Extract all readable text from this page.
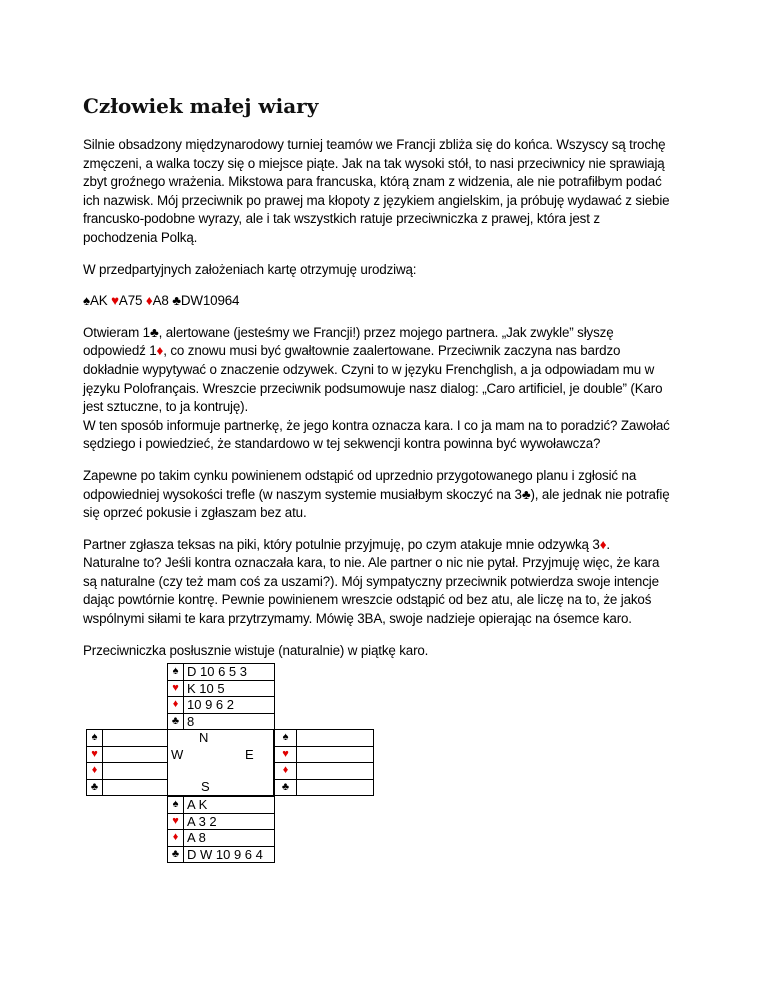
Człowiek małej wiary
Silnie obsadzony międzynarodowy turniej teamów we Francji zbliża się do końca. Wszyscy są trochę
zmęczeni, a walka toczy się o miejsce piąte. Jak na tak wysoki stół, to nasi przeciwnicy nie sprawiają
zbyt groźnego wrażenia. Mikstowa para francuska, którą znam z widzenia, ale nie potrafiłbym podać
ich nazwisk. Mój przeciwnik po prawej ma kłopoty z językiem angielskim, ja próbuję wydawać z siebie
francusko-podobne wyrazy, ale i tak wszystkich ratuje przeciwniczka z prawej, która jest z
pochodzenia Polką.
W przedpartyjnych założeniach kartę otrzymuję urodziwą:
♠AK ♥A75 ♦A8 ♣DW10964
Otwieram 1♣, alertowane (jesteśmy we Francji!) przez mojego partnera. „Jak zwykle” słyszę
odpowiedź 1♦, co znowu musi być gwałtownie zaalertowane. Przeciwnik zaczyna nas bardzo
dokładnie wypytywać o znaczenie odzywek. Czyni to w języku Frenchglish, a ja odpowiadam mu w
języku Polofrançais. Wreszcie przeciwnik podsumowuje nasz dialog: „Caro artificiel, je double” (Karo
jest sztuczne, to ja kontruję).
W ten sposób informuje partnerkę, że jego kontra oznacza kara. I co ja mam na to poradzić? Zawołać
sędziego i powiedzieć, że standardowo w tej sekwencji kontra powinna być wywoławcza?
Zapewne po takim cynku powinienem odstąpić od uprzednio przygotowanego planu i zgłosić na
odpowiedniej wysokości trefle (w naszym systemie musiałbym skoczyć na 3♣), ale jednak nie potrafię
się oprzeć pokusie i zgłaszam bez atu.
Partner zgłasza teksas na piki, który potulnie przyjmuję, po czym atakuje mnie odzywką 3♦.
Naturalne to? Jeśli kontra oznaczała kara, to nie. Ale partner o nic nie pytał. Przyjmuję więc, że kara
są naturalne (czy też mam coś za uszami?). Mój sympatyczny przeciwnik potwierdza swoje intencje
dając powtórnie kontrę. Pewnie powinienem wreszcie odstąpić od bez atu, ale liczę na to, że jakoś
wspólnymi siłami te kara przytrzymamy. Mówię 3BA, swoje nadzieje opierając na ósemce karo.
Przeciwniczka posłusznie wistuje (naturalnie) w piątkę karo.
♠	D 10 6 5 3
♥	K 10 5
♦	10 9 6 2
♣	8
♠	
♥	
♦	
♣	
♠	
♥	
♦	
♣	
N
W	E
S
♠	A K
♥	A 3 2
♦	A 8
♣	D W 10 9 6 4
